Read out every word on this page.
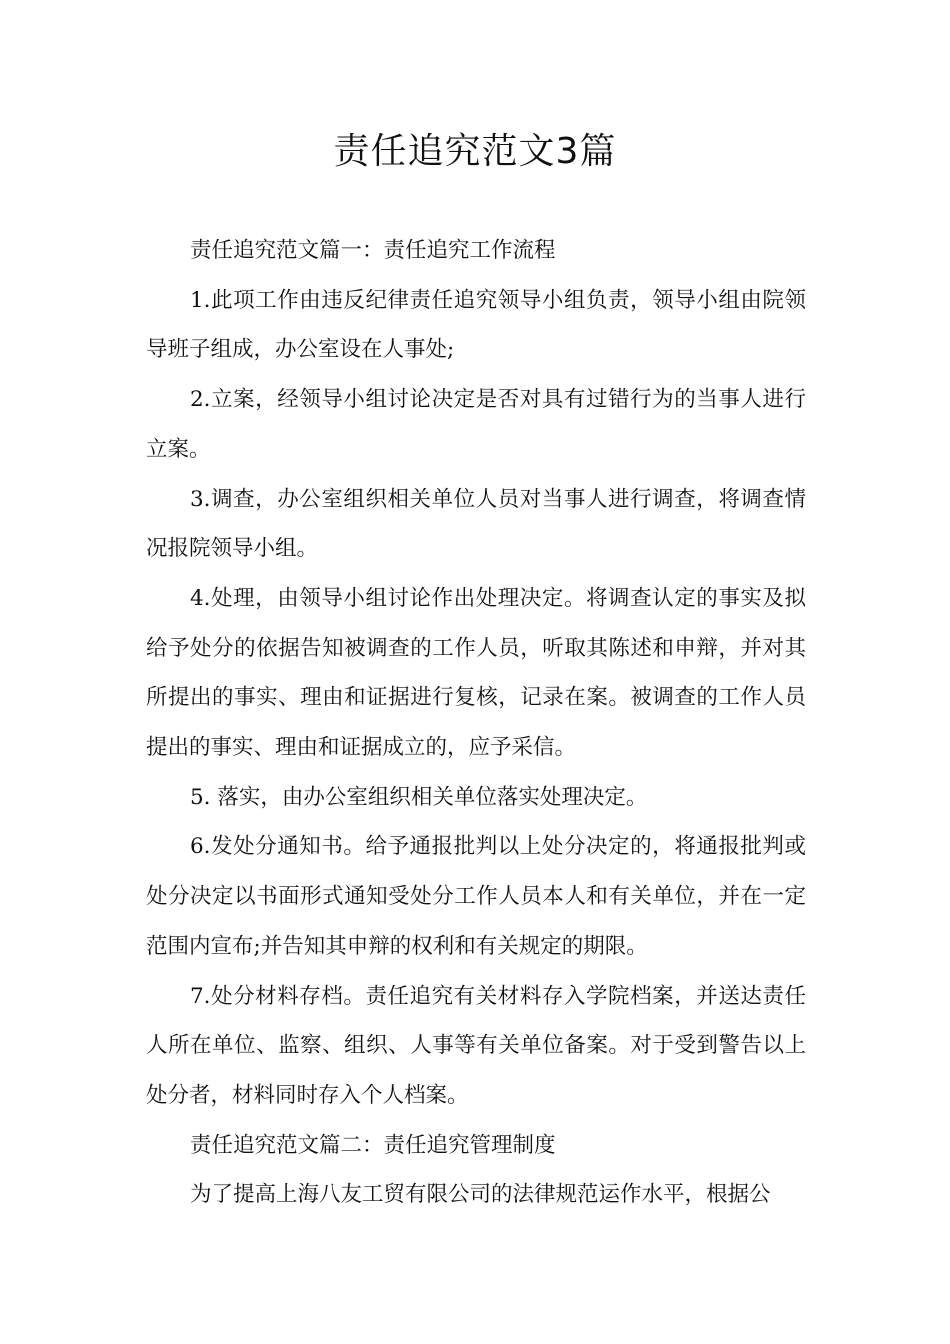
责任追究范文3篇

责任追究范文篇一：责任追究工作流程

1.此项工作由违反纪律责任追究领导小组负责，领导小组由院领导班子组成，办公室设在人事处;

2.立案，经领导小组讨论决定是否对具有过错行为的当事人进行立案。

3.调查，办公室组织相关单位人员对当事人进行调查，将调查情况报院领导小组。

4.处理，由领导小组讨论作出处理决定。将调查认定的事实及拟给予处分的依据告知被调查的工作人员，听取其陈述和申辩，并对其所提出的事实、理由和证据进行复核，记录在案。被调查的工作人员提出的事实、理由和证据成立的，应予采信。

5. 落实，由办公室组织相关单位落实处理决定。

6.发处分通知书。给予通报批判以上处分决定的，将通报批判或处分决定以书面形式通知受处分工作人员本人和有关单位，并在一定范围内宣布;并告知其申辩的权利和有关规定的期限。

7.处分材料存档。责任追究有关材料存入学院档案，并送达责任人所在单位、监察、组织、人事等有关单位备案。对于受到警告以上处分者，材料同时存入个人档案。

责任追究范文篇二：责任追究管理制度

为了提高上海八友工贸有限公司的法律规范运作水平，根据公
